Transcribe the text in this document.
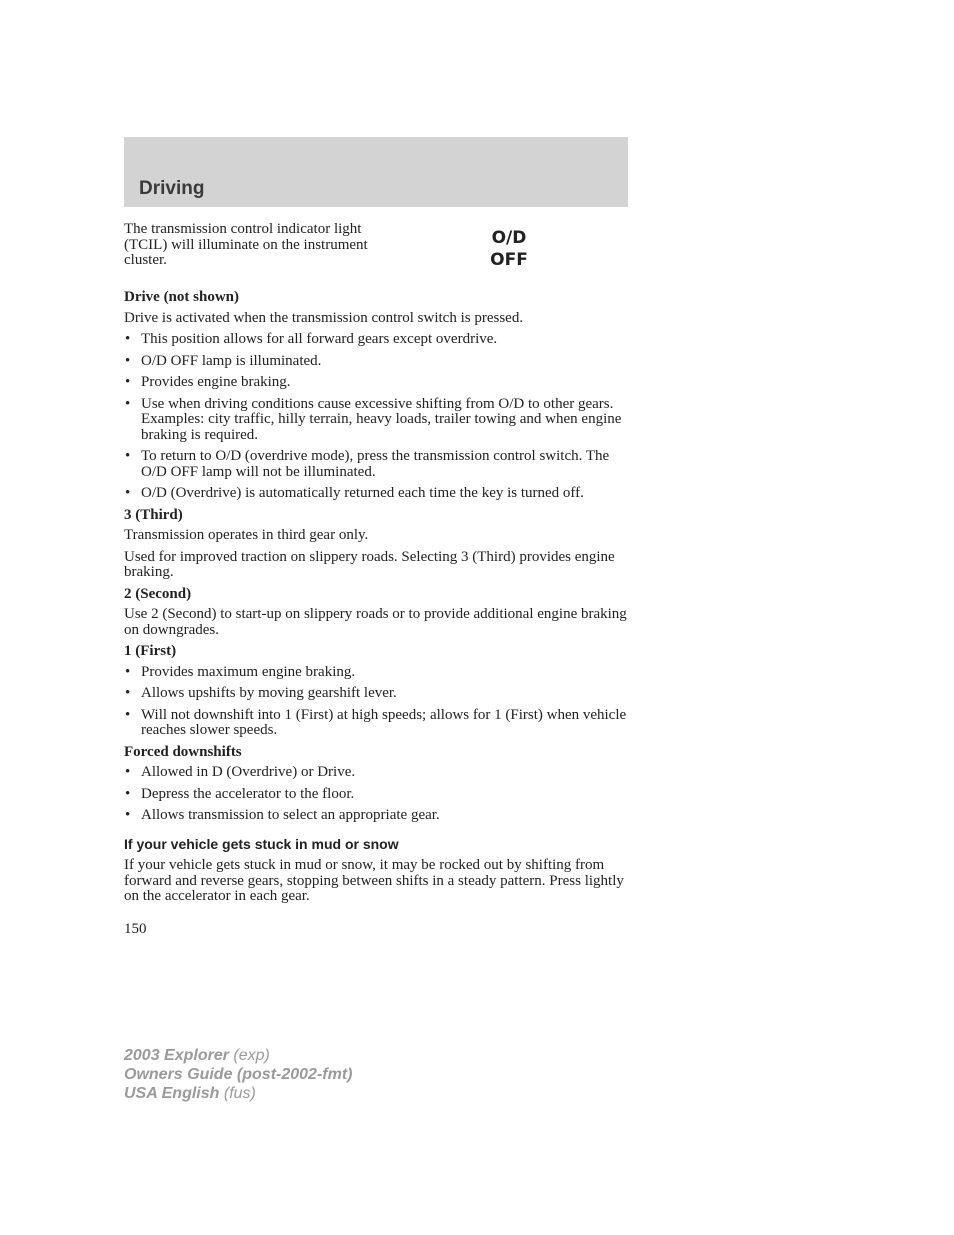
Driving

The transmission control indicator light (TCIL) will illuminate on the instrument cluster.

O/D
OFF

Drive (not shown)

Drive is activated when the transmission control switch is pressed.

• This position allows for all forward gears except overdrive.
• O/D OFF lamp is illuminated.
• Provides engine braking.
• Use when driving conditions cause excessive shifting from O/D to other gears. Examples: city traffic, hilly terrain, heavy loads, trailer towing and when engine braking is required.
• To return to O/D (overdrive mode), press the transmission control switch. The O/D OFF lamp will not be illuminated.
• O/D (Overdrive) is automatically returned each time the key is turned off.

3 (Third)

Transmission operates in third gear only.

Used for improved traction on slippery roads. Selecting 3 (Third) provides engine braking.

2 (Second)

Use 2 (Second) to start-up on slippery roads or to provide additional engine braking on downgrades.

1 (First)

• Provides maximum engine braking.
• Allows upshifts by moving gearshift lever.
• Will not downshift into 1 (First) at high speeds; allows for 1 (First) when vehicle reaches slower speeds.

Forced downshifts

• Allowed in D (Overdrive) or Drive.
• Depress the accelerator to the floor.
• Allows transmission to select an appropriate gear.

If your vehicle gets stuck in mud or snow

If your vehicle gets stuck in mud or snow, it may be rocked out by shifting from forward and reverse gears, stopping between shifts in a steady pattern. Press lightly on the accelerator in each gear.

150

2003 Explorer (exp)
Owners Guide (post-2002-fmt)
USA English (fus)
